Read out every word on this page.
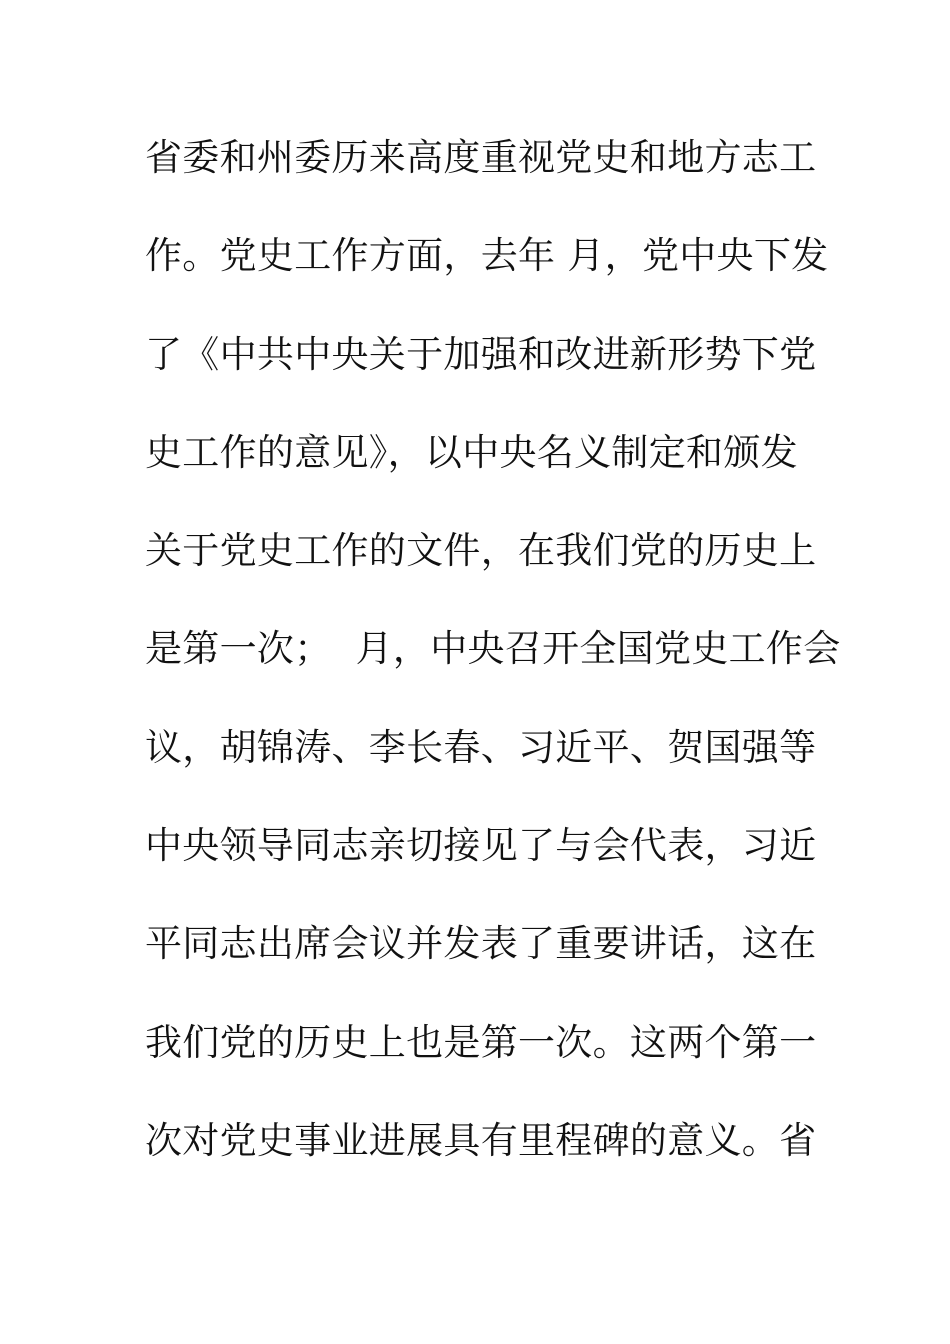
省委和州委历来高度重视党史和地方志工
作。党史工作方面，去年 月，党中央下发
了《中共中央关于加强和改进新形势下党
史工作的意见》，以中央名义制定和颁发
关于党史工作的文件，在我们党的历史上
是第一次；  月，中央召开全国党史工作会
议，胡锦涛、李长春、习近平、贺国强等
中央领导同志亲切接见了与会代表，习近
平同志出席会议并发表了重要讲话，这在
我们党的历史上也是第一次。这两个第一
次对党史事业进展具有里程碑的意义。省
